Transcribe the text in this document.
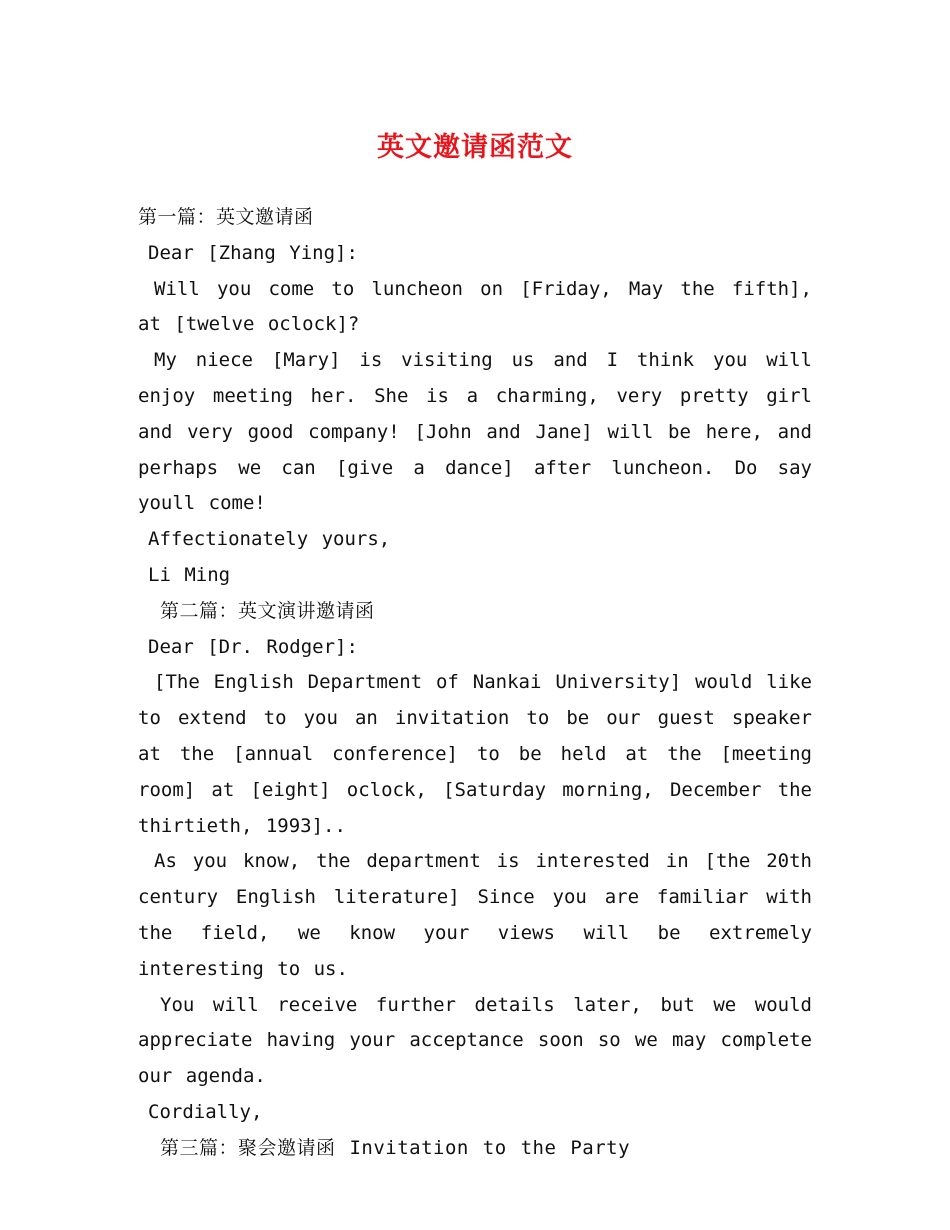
英文邀请函范文

第一篇：英文邀请函

Dear [Zhang Ying]:

Will you come to luncheon on [Friday, May the fifth], at [twelve oclock]?

My niece [Mary] is visiting us and I think you will enjoy meeting her. She is a charming, very pretty girl and very good company! [John and Jane] will be here, and perhaps we can [give a dance] after luncheon. Do say youll come!

Affectionately yours,

Li Ming

第二篇：英文演讲邀请函

Dear [Dr. Rodger]:

[The English Department of Nankai University] would like to extend to you an invitation to be our guest speaker at the [annual conference] to be held at the [meeting room] at [eight] oclock, [Saturday morning, December the thirtieth, 1993]..

As you know, the department is interested in [the 20th century English literature] Since you are familiar with the field, we know your views will be extremely interesting to us.

You will receive further details later, but we would appreciate having your acceptance soon so we may complete our agenda.

Cordially,

第三篇：聚会邀请函 Invitation to the Party
